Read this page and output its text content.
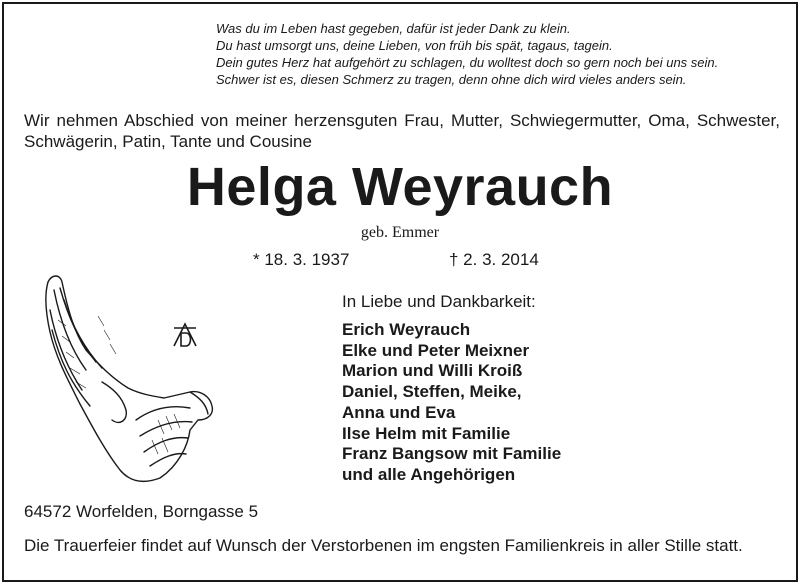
Was du im Leben hast gegeben, dafür ist jeder Dank zu klein.
Du hast umsorgt uns, deine Lieben, von früh bis spät, tagaus, tagein.
Dein gutes Herz hat aufgehört zu schlagen, du wolltest doch so gern noch bei uns sein.
Schwer ist es, diesen Schmerz zu tragen, denn ohne dich wird vieles anders sein.
Wir nehmen Abschied von meiner herzensguten Frau, Mutter, Schwiegermutter, Oma, Schwester, Schwägerin, Patin, Tante und Cousine
Helga Weyrauch
geb. Emmer
* 18. 3. 1937	† 2. 3. 2014
In Liebe und Dankbarkeit:
Erich Weyrauch
Elke und Peter Meixner
Marion und Willi Kroiß
Daniel, Steffen, Meike,
Anna und Eva
Ilse Helm mit Familie
Franz Bangsow mit Familie
und alle Angehörigen
64572 Worfelden, Borngasse 5
Die Trauerfeier findet auf Wunsch der Verstorbenen im engsten Familienkreis in aller Stille statt.
